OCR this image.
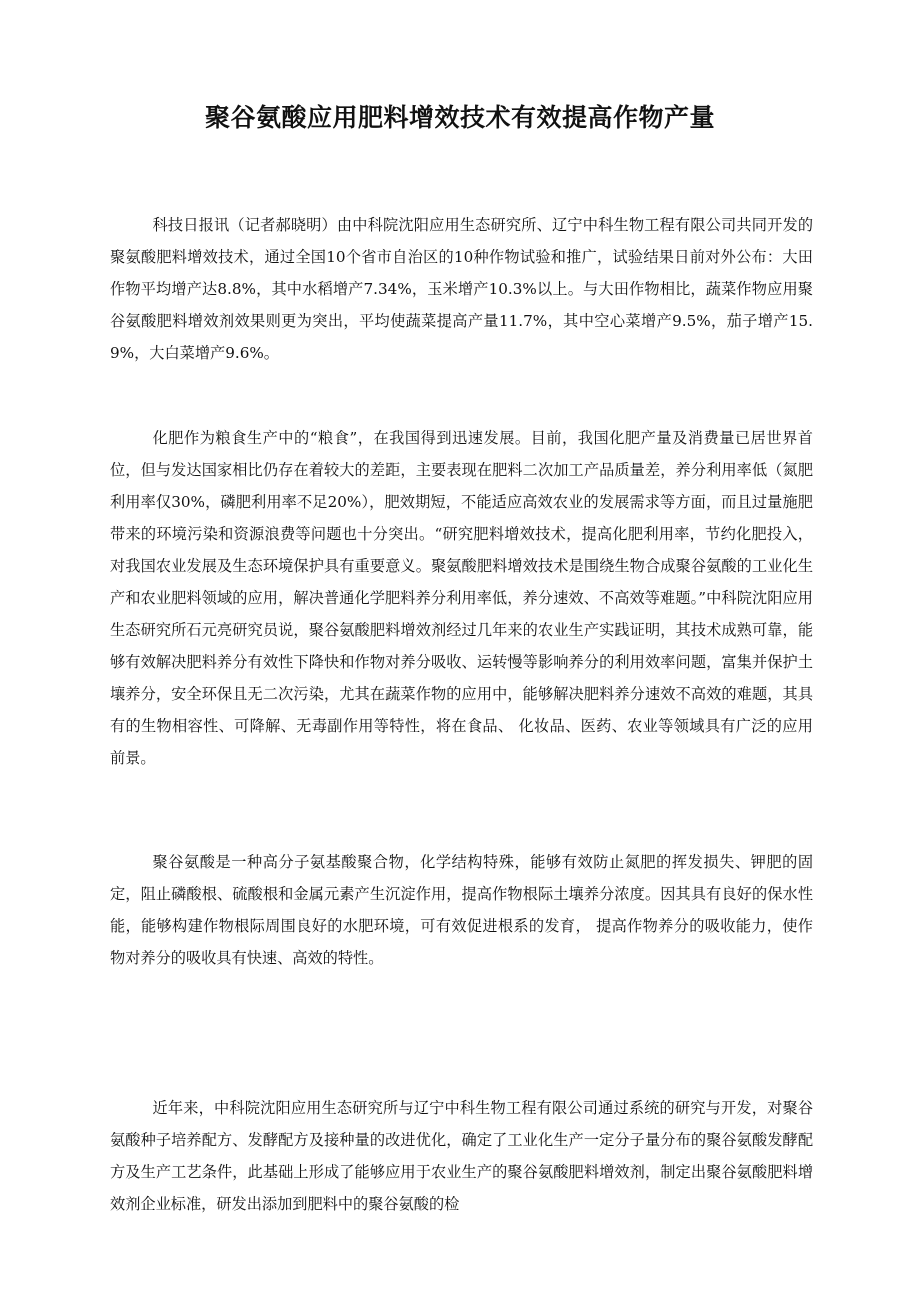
聚谷氨酸应用肥料增效技术有效提高作物产量

科技日报讯（记者郝晓明）由中科院沈阳应用生态研究所、辽宁中科生物工程有限公司共同开发的聚氨酸肥料增效技术，通过全国10个省市自治区的10种作物试验和推广，试验结果日前对外公布：大田作物平均增产达8.8%，其中水稻增产7.34%，玉米增产10.3%以上。与大田作物相比，蔬菜作物应用聚谷氨酸肥料增效剂效果则更为突出，平均使蔬菜提高产量11.7%，其中空心菜增产9.5%，茄子增产15.9%，大白菜增产9.6%。

化肥作为粮食生产中的“粮食”，在我国得到迅速发展。目前，我国化肥产量及消费量已居世界首位，但与发达国家相比仍存在着较大的差距，主要表现在肥料二次加工产品质量差，养分利用率低（氮肥利用率仅30%，磷肥利用率不足20%），肥效期短，不能适应高效农业的发展需求等方面，而且过量施肥带来的环境污染和资源浪费等问题也十分突出。“研究肥料增效技术，提高化肥利用率，节约化肥投入，对我国农业发展及生态环境保护具有重要意义。聚氨酸肥料增效技术是围绕生物合成聚谷氨酸的工业化生产和农业肥料领域的应用，解决普通化学肥料养分利用率低，养分速效、不高效等难题。”中科院沈阳应用生态研究所石元亮研究员说，聚谷氨酸肥料增效剂经过几年来的农业生产实践证明，其技术成熟可靠，能够有效解决肥料养分有效性下降快和作物对养分吸收、运转慢等影响养分的利用效率问题，富集并保护土壤养分，安全环保且无二次污染，尤其在蔬菜作物的应用中，能够解决肥料养分速效不高效的难题，其具有的生物相容性、可降解、无毒副作用等特性，将在食品、 化妆品、医药、农业等领域具有广泛的应用前景。

聚谷氨酸是一种高分子氨基酸聚合物，化学结构特殊，能够有效防止氮肥的挥发损失、钾肥的固定，阻止磷酸根、硫酸根和金属元素产生沉淀作用，提高作物根际土壤养分浓度。因其具有良好的保水性能，能够构建作物根际周围良好的水肥环境，可有效促进根系的发育， 提高作物养分的吸收能力，使作物对养分的吸收具有快速、高效的特性。

近年来，中科院沈阳应用生态研究所与辽宁中科生物工程有限公司通过系统的研究与开发，对聚谷氨酸种子培养配方、发酵配方及接种量的改进优化，确定了工业化生产一定分子量分布的聚谷氨酸发酵配方及生产工艺条件，此基础上形成了能够应用于农业生产的聚谷氨酸肥料增效剂，制定出聚谷氨酸肥料增效剂企业标准，研发出添加到肥料中的聚谷氨酸的检
